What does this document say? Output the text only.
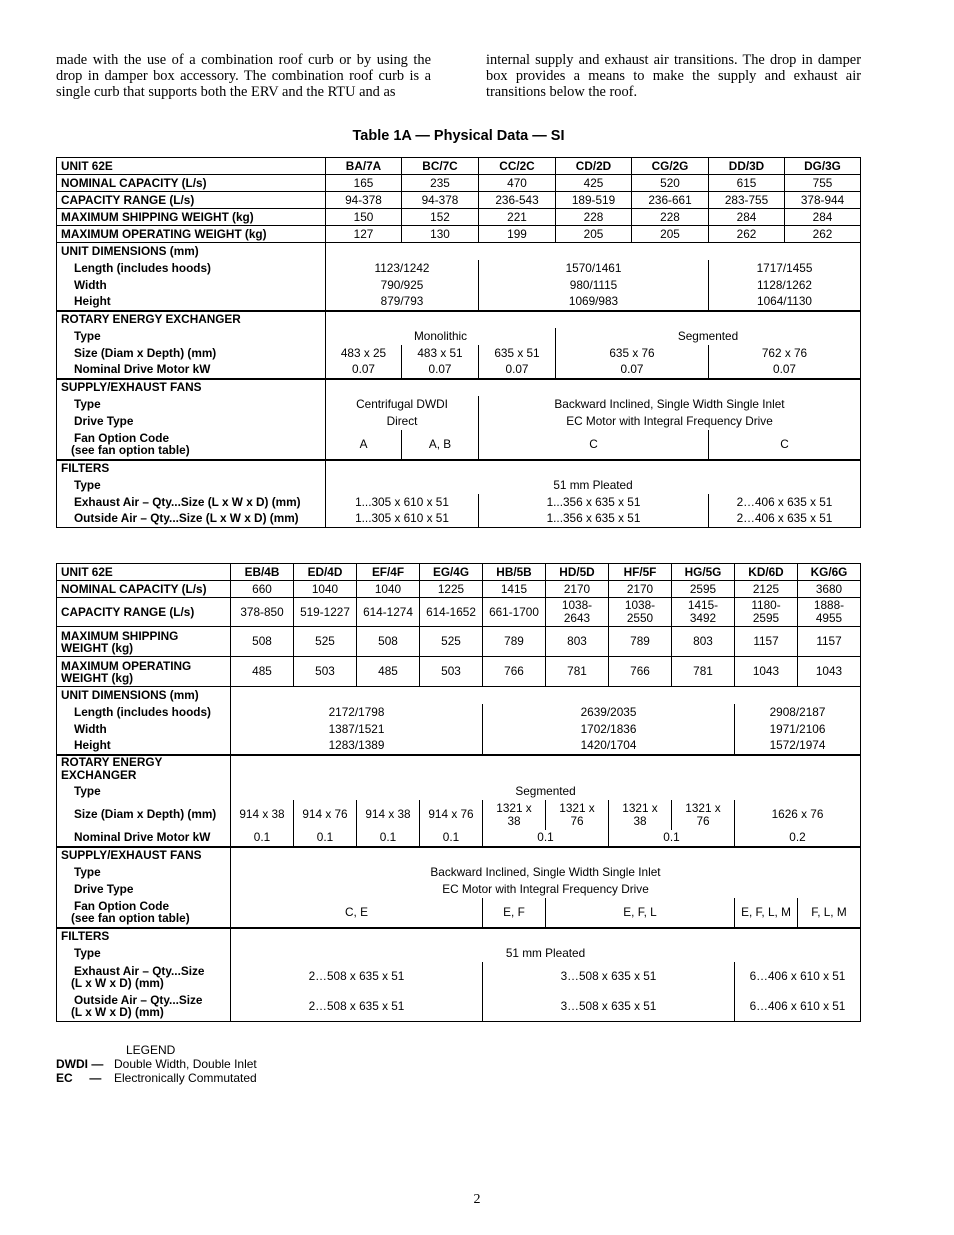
made with the use of a combination roof curb or by using the drop in damper box accessory. The combination roof curb is a single curb that supports both the ERV and the RTU and as

internal supply and exhaust air transitions. The drop in damper box provides a means to make the supply and exhaust air transitions below the roof.

Table 1A — Physical Data — SI
UNIT 62E	BA/7A	BC/7C	CC/2C	CD/2D	CG/2G	DD/3D	DG/3G
NOMINAL CAPACITY (L/s)	165	235	470	425	520	615	755
CAPACITY RANGE (L/s)	94-378	94-378	236-543	189-519	236-661	283-755	378-944
MAXIMUM SHIPPING WEIGHT (kg)	150	152	221	228	228	284	284
MAXIMUM OPERATING WEIGHT (kg)	127	130	199	205	205	262	262
UNIT DIMENSIONS (mm)							
Length (includes hoods)	1123/1242		1570/1461			1717/1455	
Width	790/925		980/1115			1128/1262	
Height	879/793		1069/983			1064/1130	
ROTARY ENERGY EXCHANGER							
Type	Monolithic			Segmented			
Size (Diam x Depth) (mm)	483 x 25	483 x 51	635 x 51	635 x 76		762 x 76	
Nominal Drive Motor kW	0.07	0.07	0.07	0.07		0.07	
SUPPLY/EXHAUST FANS							
Type	Centrifugal DWDI		Backward Inclined, Single Width Single Inlet				
Drive Type	Direct		EC Motor with Integral Frequency Drive				

Fan Option Code
(see fan option table)	A	A, B	C			C	
FILTERS							
Type	51 mm Pleated						
Exhaust Air – Qty...Size (L x W x D) (mm)	1...305 x 610 x 51		1...356 x 635 x 51			2…406 x 635 x 51	
Outside Air – Qty...Size (L x W x D) (mm)	1...305 x 610 x 51		1...356 x 635 x 51			2…406 x 635 x 51	
UNIT 62E	EB/4B	ED/4D	EF/4F	EG/4G	HB/5B	HD/5D	HF/5F	HG/5G	KD/6D	KG/6G
NOMINAL CAPACITY (L/s)	660	1040	1040	1225	1415	2170	2170	2595	2125	3680
CAPACITY RANGE (L/s)	378-850	519-1227	614-1274	614-1652	661-1700	1038-2643	1038-2550	1415-3492	1180-2595	1888-4955

MAXIMUM SHIPPING
WEIGHT (kg)	508	525	508	525	789	803	789	803	1157	1157

MAXIMUM OPERATING
WEIGHT (kg)	485	503	485	503	766	781	766	781	1043	1043
UNIT DIMENSIONS (mm)										
Length (includes hoods)	2172/1798				2639/2035				2908/2187	
Width	1387/1521				1702/1836				1971/2106	
Height	1283/1389				1420/1704				1572/1974	

ROTARY ENERGY
EXCHANGER										

Type	Segmented									
Size (Diam x Depth) (mm)	914 x 38	914 x 76	914 x 38	914 x 76	1321 x 38	1321 x 76	1321 x 38	1321 x 76	1626 x 76	
Nominal Drive Motor kW	0.1	0.1	0.1	0.1	0.1		0.1		0.2	
SUPPLY/EXHAUST FANS										
Type	Backward Inclined, Single Width Single Inlet									
Drive Type	EC Motor with Integral Frequency Drive									

Fan Option Code
(see fan option table)	C, E				E, F	E, F, L			E, F, L, M	F, L, M
FILTERS										
Type	51 mm Pleated									

Exhaust Air – Qty...Size
(L x W x D) (mm)	2…508 x 635 x 51				3…508 x 635 x 51				6…406 x 610 x 51	

Outside Air – Qty...Size
(L x W x D) (mm)	2…508 x 635 x 51				3…508 x 635 x 51				6…406 x 610 x 51	
LEGEND
DWDI — Double Width, Double Inlet
EC     —	Electronically Commutated
2
